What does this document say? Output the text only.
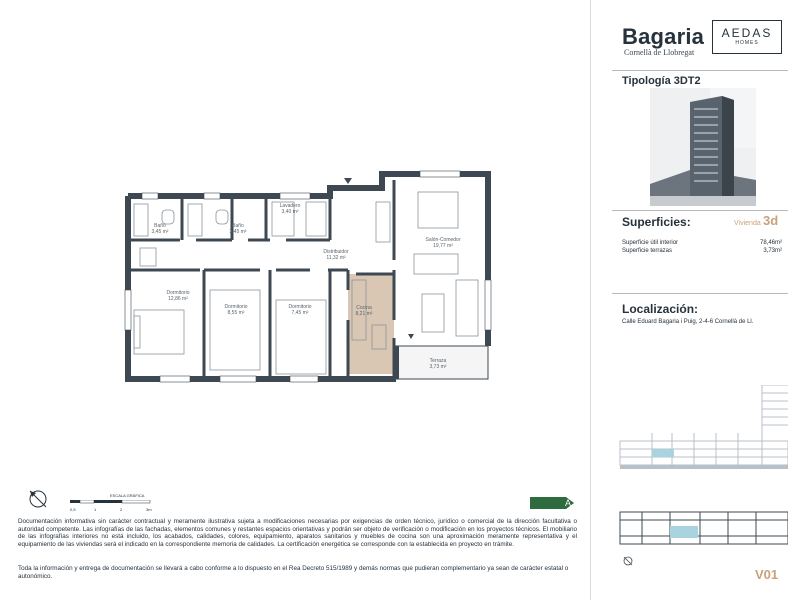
Bagaria
Cornellà de Llobregat
AEDAS
HOMES
Tipología 3DT2
Superficies:	Vivienda 3d
Superficie útil interior	78,46m²
Superficie terrazas	3,73m²
Localización:
Calle Eduard Bagaria i Puig, 2-4-6 Cornellà de Ll.
V01
Baño
3,45 m²
Baño
3,45 m²
Lavadero
3,40 m²
Distribuidor
11,32 m²
Salón-Comedor
19,77 m²
Dormitorio
12,86 m²
Dormitorio
8,55 m²
Dormitorio
7,45 m²
Cocina
8,21 m²
Terraza
3,73 m²
ESCALA GRÁFICA
0,5	1	2	3m
A
Documentación informativa sin carácter contractual y meramente ilustrativa sujeta a modificaciones necesarias por exigencias de orden técnico, jurídico o comercial de la dirección facultativa o autoridad competente. Las infografías de las fachadas, elementos comunes y restantes espacios orientativas y podrán ser objeto de verificación o modificación en los proyectos técnicos. El mobiliario de las infografías interiores no está incluido, los acabados, calidades, colores, equipamiento, aparatos sanitarios y muebles de cocina son una aproximación meramente representativa y el equipamiento de las viviendas será el indicado en la correspondiente memoria de calidades. La certificación energética se corresponde con la establecida en proyecto en trámite.
Toda la información y entrega de documentación se llevará a cabo conforme a lo dispuesto en el Rea Decreto 515/1989 y demás normas que pudieran complementario ya sean de carácter estatal o autonómico.
